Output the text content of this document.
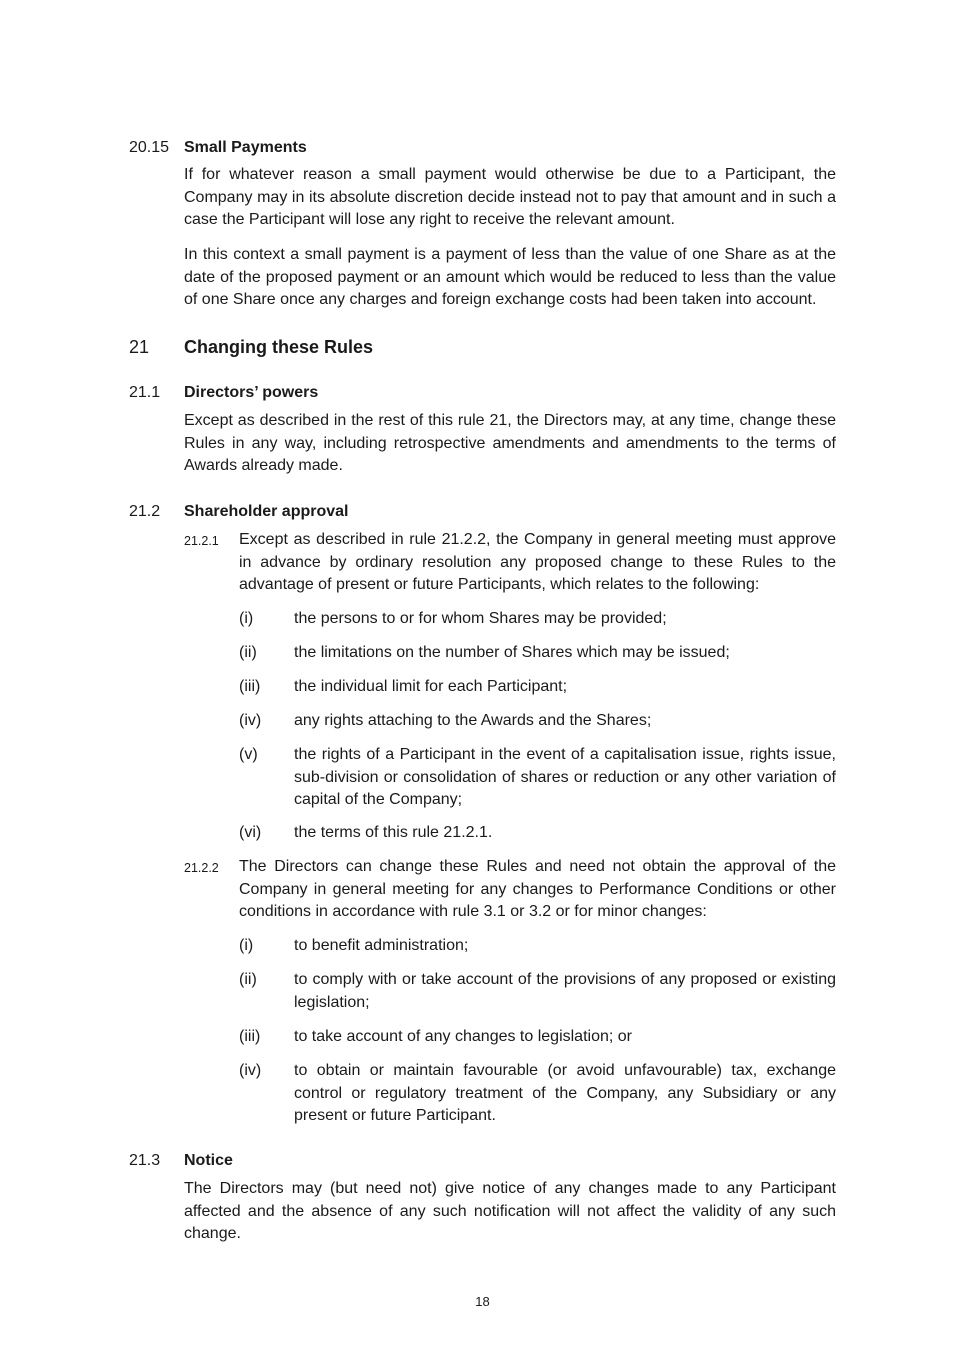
20.15 Small Payments

If for whatever reason a small payment would otherwise be due to a Participant, the Company may in its absolute discretion decide instead not to pay that amount and in such a case the Participant will lose any right to receive the relevant amount.

In this context a small payment is a payment of less than the value of one Share as at the date of the proposed payment or an amount which would be reduced to less than the value of one Share once any charges and foreign exchange costs had been taken into account.

21 Changing these Rules
21.1 Directors’ powers

Except as described in the rest of this rule 21, the Directors may, at any time, change these Rules in any way, including retrospective amendments and amendments to the terms of Awards already made.

21.2 Shareholder approval
21.2.1 Except as described in rule 21.2.2, the Company in general meeting must approve in advance by ordinary resolution any proposed change to these Rules to the advantage of present or future Participants, which relates to the following:

(i)	the persons to or for whom Shares may be provided;

(ii) the limitations on the number of Shares which may be issued;

(iii) the individual limit for each Participant;

(iv) any rights attaching to the Awards and the Shares;

(v) the rights of a Participant in the event of a capitalisation issue, rights issue, sub-division or consolidation of shares or reduction or any other variation of capital of the Company;

(vi) the terms of this rule 21.2.1.

21.2.2 The Directors can change these Rules and need not obtain the approval of the Company in general meeting for any changes to Performance Conditions or other conditions in accordance with rule 3.1 or 3.2 or for minor changes:

(i)	to benefit administration;

(ii) to comply with or take account of the provisions of any proposed or existing legislation;

(iii) to take account of any changes to legislation; or

(iv) to obtain or maintain favourable (or avoid unfavourable) tax, exchange control or regulatory treatment of the Company, any Subsidiary or any present or future Participant.

21.3 Notice

The Directors may (but need not) give notice of any changes made to any Participant affected and the absence of any such notification will not affect the validity of any such change.

18
